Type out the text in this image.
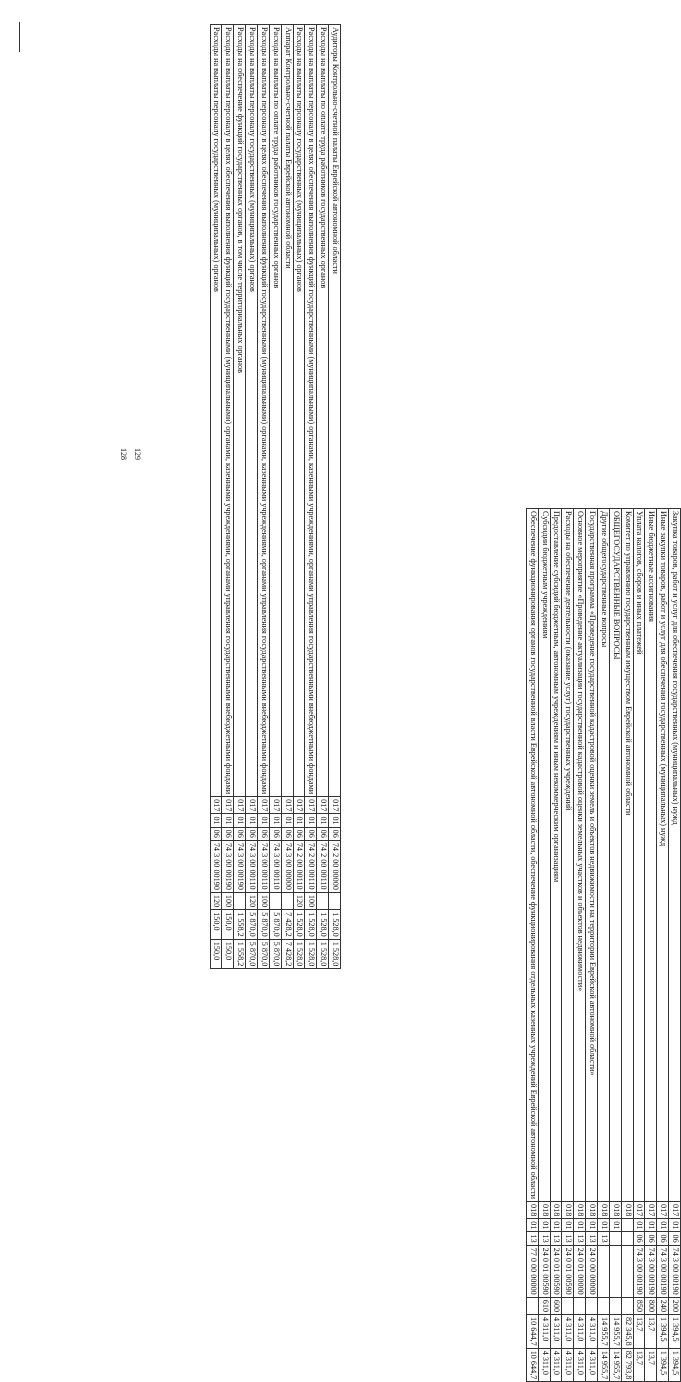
128 129
Аудиторы Контрольно-счетной палаты Еврейской автономной области	017	01	06	74 2 00 00000		1 528,0	1 528,0
Расходы на выплаты по оплате труда работников государственных органов	017	01	06	74 2 00 00110		1 528,0	1 528,0
Расходы на выплаты персоналу в целях обеспечения выполнения функций государственными (муниципальными) органами, казенными учреждениями, органами управления государственными внебюджетными фондами	017	01	06	74 2 00 00110	100	1 528,0	1 528,0
Расходы на выплаты персоналу государственных (муниципальных) органов	017	01	06	74 2 00 00110	120	1 528,0	1 528,0
Аппарат Контрольно-счетной палаты Еврейской автономной области	017	01	06	74 3 00 00000		7 428,2	7 428,2
Расходы на выплаты по оплате труда работников государственных органов	017	01	06	74 3 00 00110		5 870,0	5 870,0
Расходы на выплаты персоналу в целях обеспечения выполнения функций государственными (муниципальными) органами, казенными учреждениями, органами управления государственными внебюджетными фондами	017	01	06	74 3 00 00110	100	5 870,0	5 870,0
Расходы на выплаты персоналу государственных (муниципальных) органов	017	01	06	74 3 00 00110	120	5 870,0	5 870,0
Расходы на обеспечение функций государственных органов, в том числе территориальных органов	017	01	06	74 3 00 00190		1 558,2	1 558,2
Расходы на выплаты персоналу в целях обеспечения выполнения функций государственными (муниципальными) органами, казенными учреждениями, органами управления государственными внебюджетными фондами	017	01	06	74 3 00 00190	100	150,0	150,0
Расходы на выплаты персоналу государственных (муниципальных) органов	017	01	06	74 3 00 00190	120	150,0	150,0
Закупка товаров, работ и услуг для обеспечения государственных (муниципальных) нужд	017	01	06	74 3 00 00190	200	1 394,5	1 394,5
Иные закупки товаров, работ и услуг для обеспечения государственных (муниципальных) нужд	017	01	06	74 3 00 00190	240	1 394,5	1 394,5
Иные бюджетные ассигнования	017	01	06	74 3 00 00190	800	13,7	13,7
Уплата налогов, сборов и иных платежей	017	01	06	74 3 00 00190	850	13,7	13,7
Комитет по управлению государственным имуществом Еврейской автономной области	018					82 345,8	82 793,8
ОБЩЕГОСУДАРСТВЕННЫЕ ВОПРОСЫ	018	01				14 955,7	14 955,7
Другие общегосударственные вопросы	018	01	13			14 955,7	14 955,7
Государственная программа «Проведение государственной кадастровой оценки земель и объектов недвижимости на территории Еврейской автономной области»	018	01	13	24 0 00 00000		4 311,0	4 311,0
Основное мероприятие «Проведение актуализации государственной кадастровой оценки земельных участков и объектов недвижимости»	018	01	13	24 0 01 00000		4 311,0	4 311,0
Расходы на обеспечение деятельности (оказание услуг) государственных учреждений	018	01	13	24 0 01 00590		4 311,0	4 311,0
Предоставление субсидий бюджетным, автономным учреждениям и иным некоммерческим организациям	018	01	13	24 0 01 00590	600	4 311,0	4 311,0
Субсидии бюджетным учреждениям	018	01	13	24 0 01 00590	610	4 311,0	4 311,0
Обеспечение функционирования органов государственной власти Еврейской автономной области, обеспечение функционирования отдельных казенных учреждений Еврейской автономной области	018	01	13	77 0 00 00000		10 644,7	10 644,7
